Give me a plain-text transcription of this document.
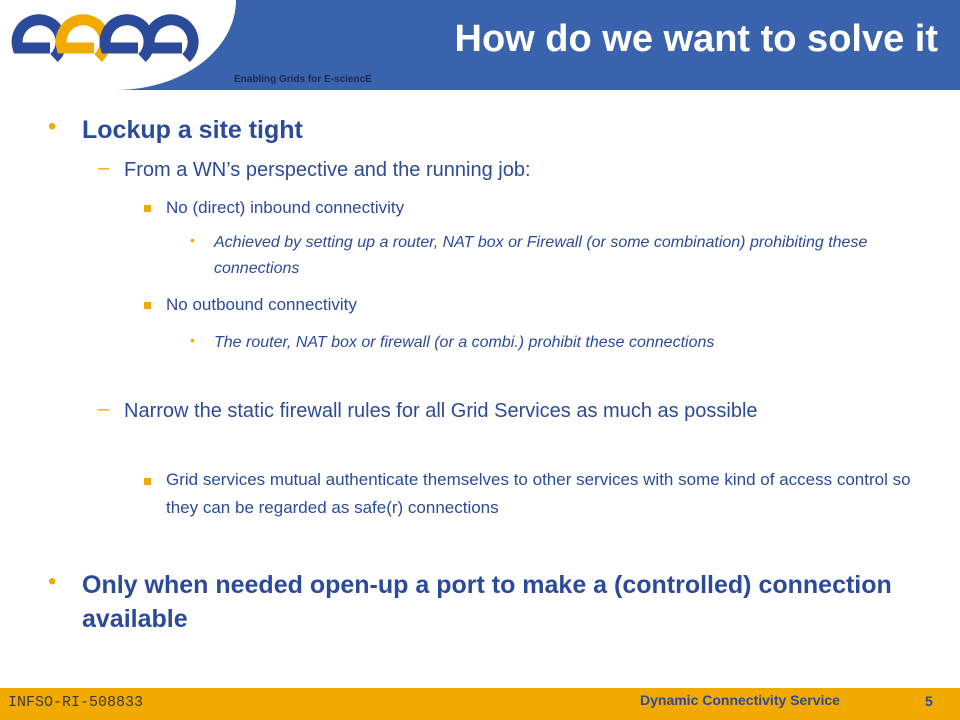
Enabling Grids for E-sciencE
How do we want to solve it
• Lockup a site tight
– From a WN’s perspective and the running job:
No (direct) inbound connectivity
• Achieved by setting up a router, NAT box or Firewall (or some combination) prohibiting these connections
No outbound connectivity
• The router, NAT box or firewall (or a combi.) prohibit these connections
– Narrow the static firewall rules for all Grid Services as much as possible
Grid services mutual authenticate themselves to other services with some kind of access control so they can be regarded as safe(r) connections
• Only when needed open-up a port to make a (controlled) connection available
INFSO-RI-508833	Dynamic Connectivity Service	5
